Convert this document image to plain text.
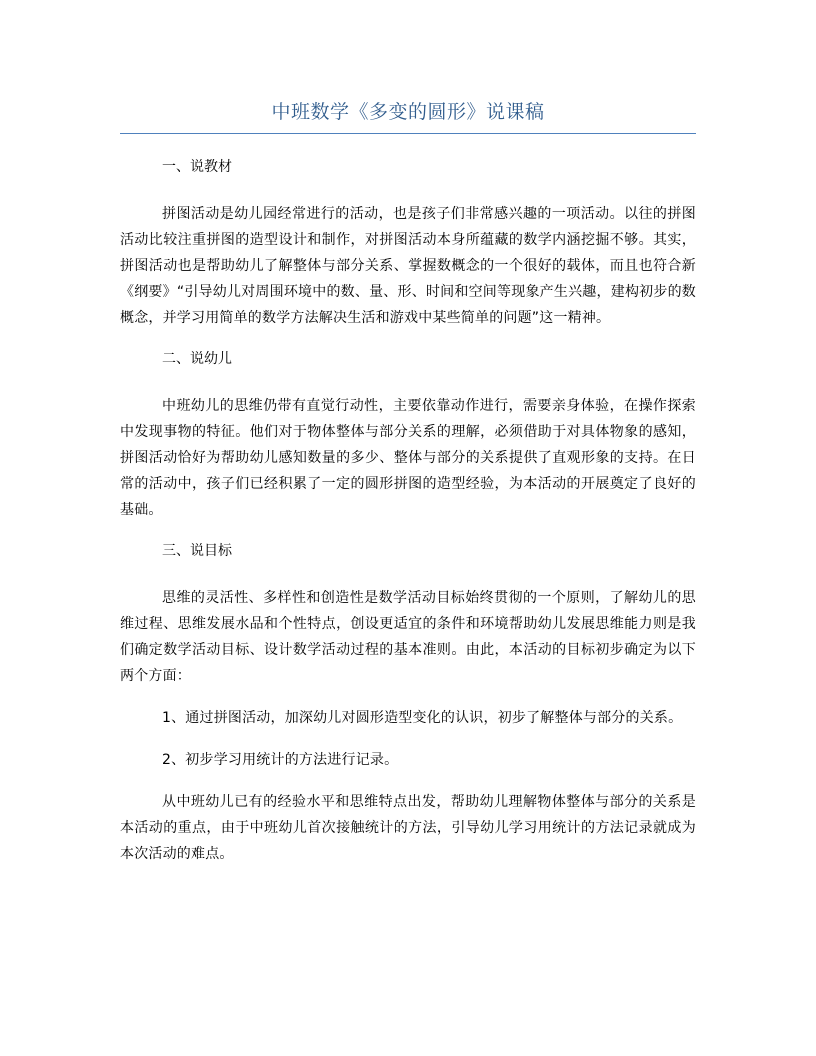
中班数学《多变的圆形》说课稿
一、说教材

拼图活动是幼儿园经常进行的活动，也是孩子们非常感兴趣的一项活动。以往的拼图活动比较注重拼图的造型设计和制作，对拼图活动本身所蕴藏的数学内涵挖掘不够。其实，拼图活动也是帮助幼儿了解整体与部分关系、掌握数概念的一个很好的载体，而且也符合新《纲要》“引导幼儿对周围环境中的数、量、形、时间和空间等现象产生兴趣，建构初步的数概念，并学习用简单的数学方法解决生活和游戏中某些简单的问题”这一精神。

二、说幼儿

中班幼儿的思维仍带有直觉行动性，主要依靠动作进行，需要亲身体验，在操作探索中发现事物的特征。他们对于物体整体与部分关系的理解，必须借助于对具体物象的感知，拼图活动恰好为帮助幼儿感知数量的多少、整体与部分的关系提供了直观形象的支持。在日常的活动中，孩子们已经积累了一定的圆形拼图的造型经验，为本活动的开展奠定了良好的基础。

三、说目标

思维的灵活性、多样性和创造性是数学活动目标始终贯彻的一个原则，了解幼儿的思维过程、思维发展水品和个性特点，创设更适宜的条件和环境帮助幼儿发展思维能力则是我们确定数学活动目标、设计数学活动过程的基本准则。由此，本活动的目标初步确定为以下两个方面：

1、通过拼图活动，加深幼儿对圆形造型变化的认识，初步了解整体与部分的关系。

2、初步学习用统计的方法进行记录。

从中班幼儿已有的经验水平和思维特点出发，帮助幼儿理解物体整体与部分的关系是本活动的重点，由于中班幼儿首次接触统计的方法，引导幼儿学习用统计的方法记录就成为本次活动的难点。
